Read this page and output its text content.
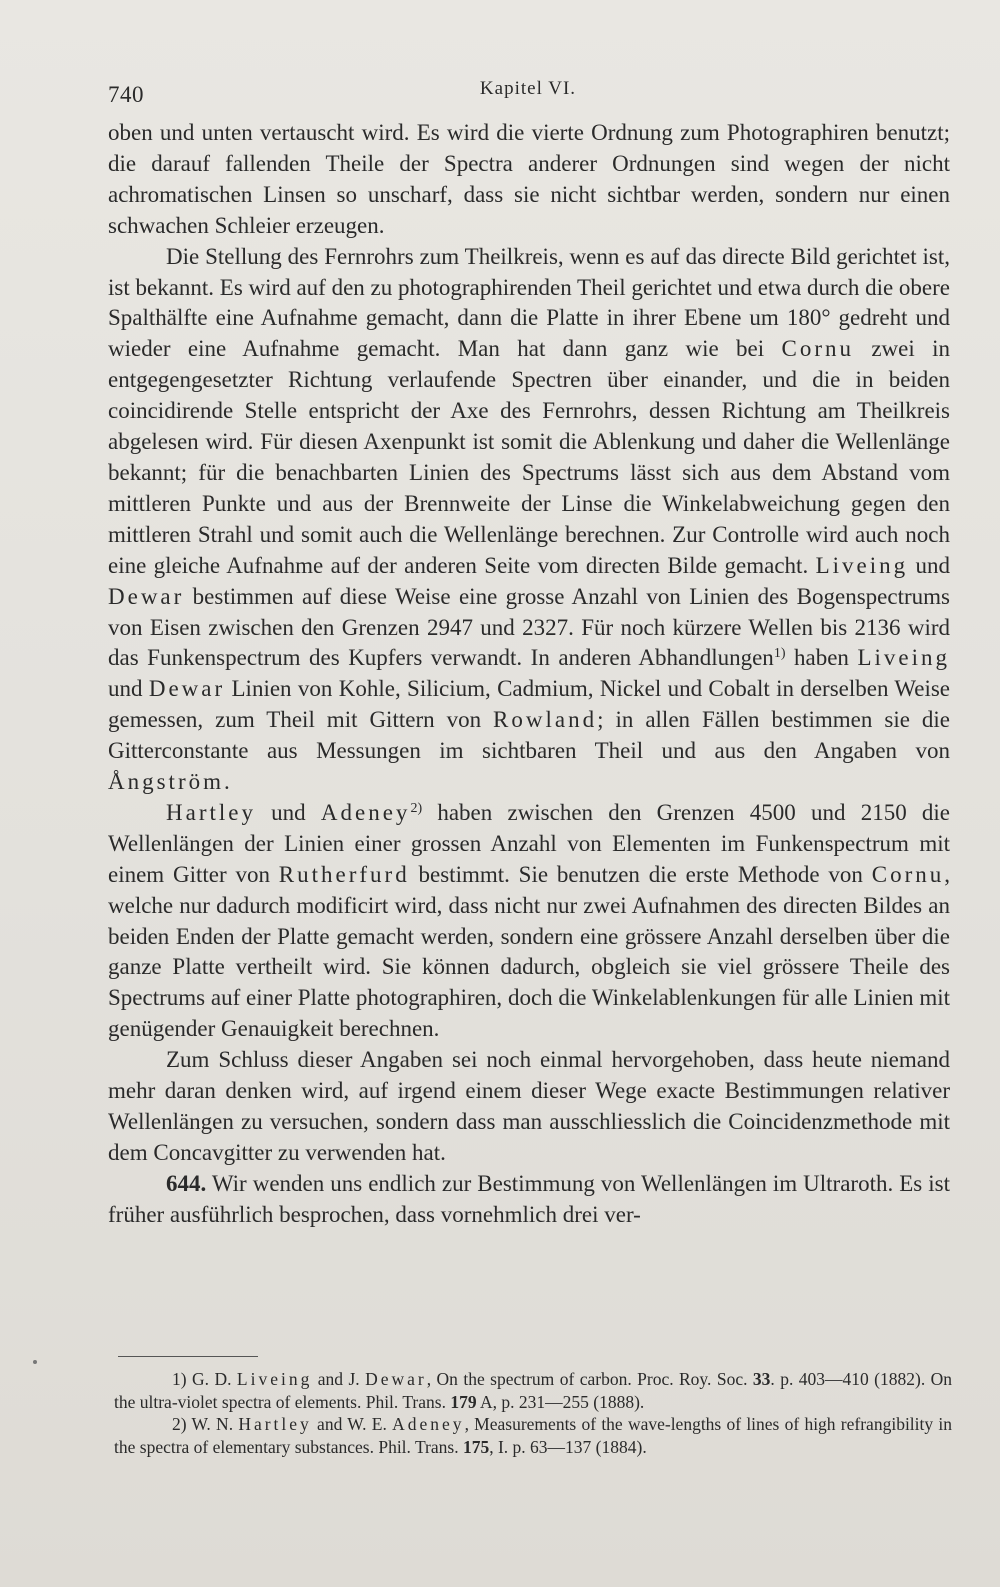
740	Kapitel VI.

oben und unten vertauscht wird. Es wird die vierte Ordnung zum Photographiren benutzt; die darauf fallenden Theile der Spectra anderer Ordnungen sind wegen der nicht achromatischen Linsen so unscharf, dass sie nicht sichtbar werden, sondern nur einen schwachen Schleier erzeugen.

Die Stellung des Fernrohrs zum Theilkreis, wenn es auf das directe Bild gerichtet ist, ist bekannt. Es wird auf den zu photographirenden Theil gerichtet und etwa durch die obere Spalthälfte eine Aufnahme gemacht, dann die Platte in ihrer Ebene um 180° gedreht und wieder eine Aufnahme gemacht. Man hat dann ganz wie bei Cornu zwei in entgegengesetzter Richtung verlaufende Spectren über einander, und die in beiden coincidirende Stelle entspricht der Axe des Fernrohrs, dessen Richtung am Theilkreis abgelesen wird. Für diesen Axenpunkt ist somit die Ablenkung und daher die Wellenlänge bekannt; für die benachbarten Linien des Spectrums lässt sich aus dem Abstand vom mittleren Punkte und aus der Brennweite der Linse die Winkelabweichung gegen den mittleren Strahl und somit auch die Wellenlänge berechnen. Zur Controlle wird auch noch eine gleiche Aufnahme auf der anderen Seite vom directen Bilde gemacht. Liveing und Dewar bestimmen auf diese Weise eine grosse Anzahl von Linien des Bogenspectrums von Eisen zwischen den Grenzen 2947 und 2327. Für noch kürzere Wellen bis 2136 wird das Funkenspectrum des Kupfers verwandt. In anderen Abhandlungen$^{1)}$ haben Liveing und Dewar Linien von Kohle, Silicium, Cadmium, Nickel und Cobalt in derselben Weise gemessen, zum Theil mit Gittern von Rowland; in allen Fällen bestimmen sie die Gitterconstante aus Messungen im sichtbaren Theil und aus den Angaben von Ångström.

Hartley und Adeney$^{2)}$ haben zwischen den Grenzen 4500 und 2150 die Wellenlängen der Linien einer grossen Anzahl von Elementen im Funkenspectrum mit einem Gitter von Rutherfurd bestimmt. Sie benutzen die erste Methode von Cornu, welche nur dadurch modificirt wird, dass nicht nur zwei Aufnahmen des directen Bildes an beiden Enden der Platte gemacht werden, sondern eine grössere Anzahl derselben über die ganze Platte vertheilt wird. Sie können dadurch, obgleich sie viel grössere Theile des Spectrums auf einer Platte photographiren, doch die Winkelablenkungen für alle Linien mit genügender Genauigkeit berechnen.

Zum Schluss dieser Angaben sei noch einmal hervorgehoben, dass heute niemand mehr daran denken wird, auf irgend einem dieser Wege exacte Bestimmungen relativer Wellenlängen zu versuchen, sondern dass man ausschliesslich die Coincidenzmethode mit dem Concavgitter zu verwenden hat.

644. Wir wenden uns endlich zur Bestimmung von Wellenlängen im Ultraroth. Es ist früher ausführlich besprochen, dass vornehmlich drei ver-

1) G. D. Liveing and J. Dewar, On the spectrum of carbon. Proc. Roy. Soc. 33. p. 403—410 (1882). On the ultra-violet spectra of elements. Phil. Trans. 179 A, p. 231—255 (1888).

2) W. N. Hartley and W. E. Adeney, Measurements of the wave-lengths of lines of high refrangibility in the spectra of elementary substances. Phil. Trans. 175, I. p. 63—137 (1884).
